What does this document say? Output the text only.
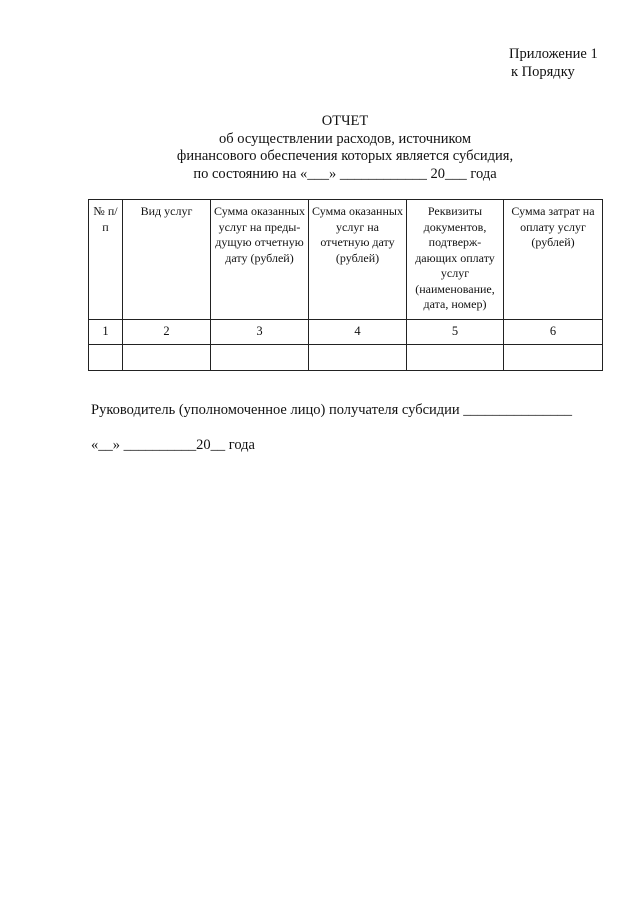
Приложение 1
к Порядку
ОТЧЕТ
об осуществлении расходов, источником
финансового обеспечения которых является субсидия,
по состоянию на «___» ____________ 20___ года
№ п/п	Вид услуг	Сумма оказанных услуг на преды-дущую отчетную дату (рублей)	Сумма оказанных услуг на отчетную дату (рублей)	Реквизиты документов, подтверж-дающих оплату услуг (наименование, дата, номер)	Сумма затрат на оплату услуг (рублей)
1	2	3	4	5	6

Руководитель (уполномоченное лицо) получателя субсидии _______________
«__» __________20__ года
